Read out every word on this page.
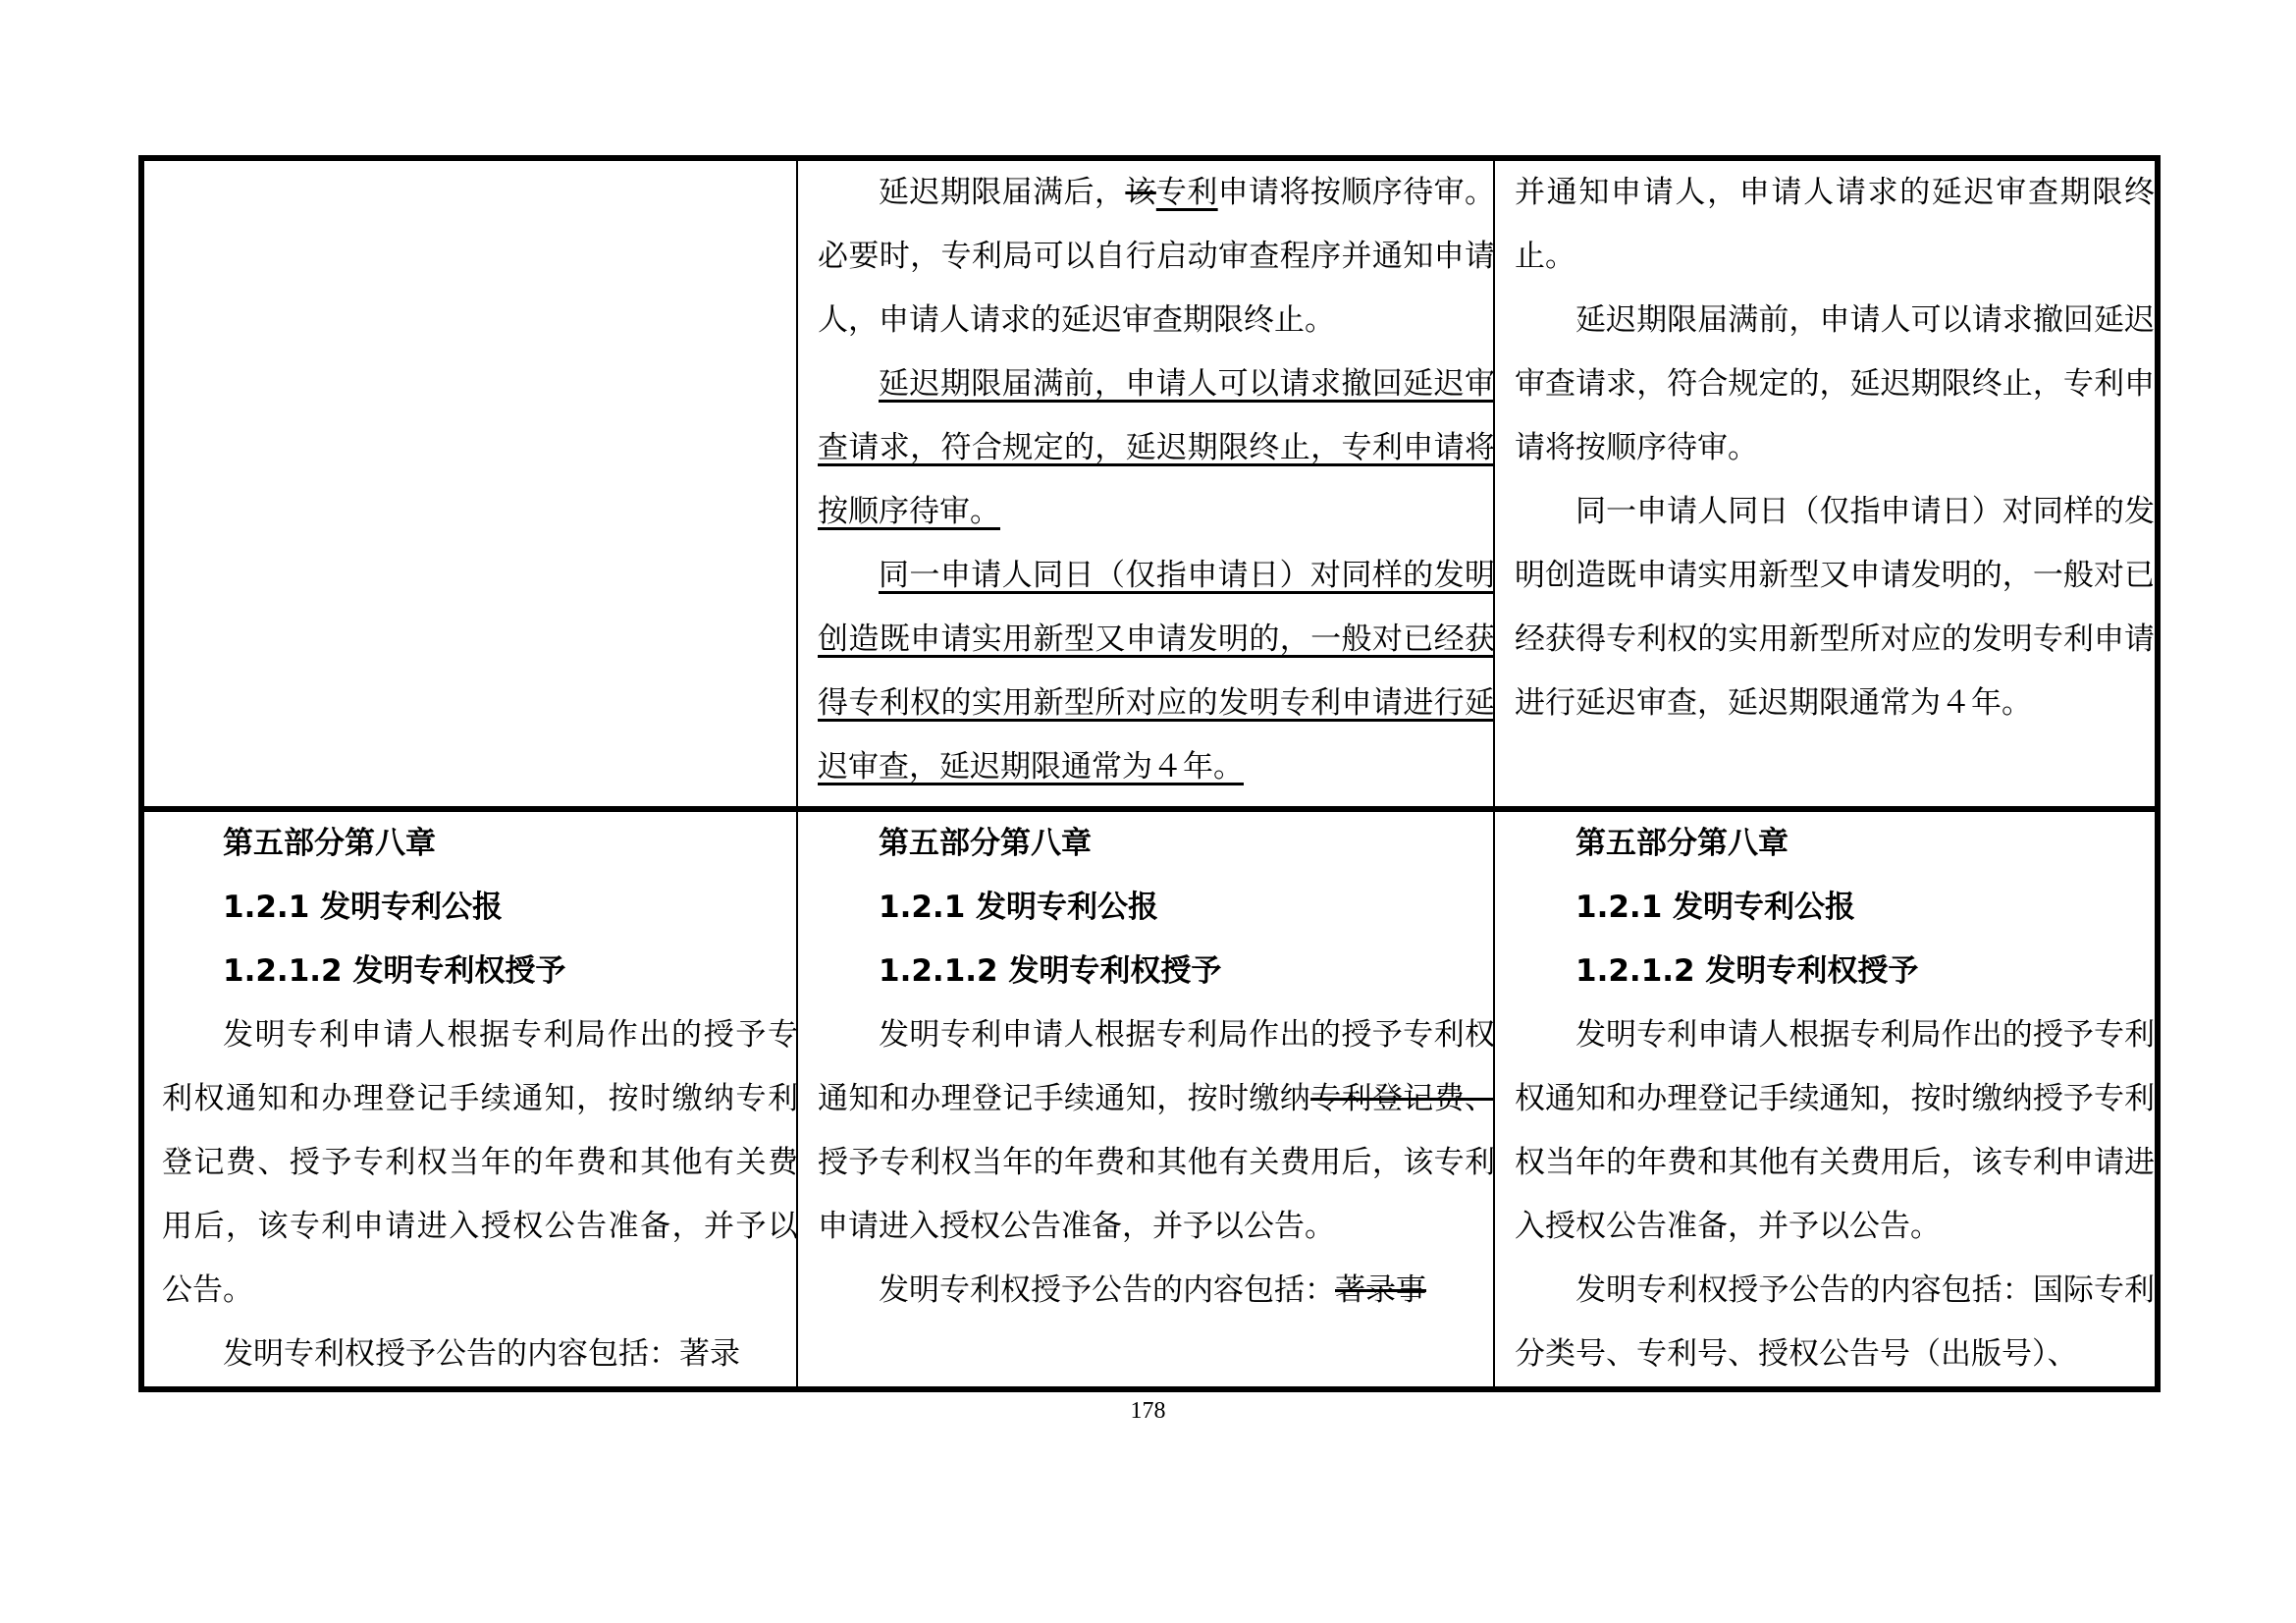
延迟期限届满后，该专利申请将按顺序待审。必要时，专利局可以自行启动审查程序并通知申请人，申请人请求的延迟审查期限终止。

延迟期限届满前，申请人可以请求撤回延迟审查请求，符合规定的，延迟期限终止，专利申请将按顺序待审。

同一申请人同日（仅指申请日）对同样的发明创造既申请实用新型又申请发明的，一般对已经获得专利权的实用新型所对应的发明专利申请进行延迟审查，延迟期限通常为４年。

并通知申请人，申请人请求的延迟审查期限终止。

延迟期限届满前，申请人可以请求撤回延迟审查请求，符合规定的，延迟期限终止，专利申请将按顺序待审。

同一申请人同日（仅指申请日）对同样的发明创造既申请实用新型又申请发明的，一般对已经获得专利权的实用新型所对应的发明专利申请进行延迟审查，延迟期限通常为４年。

第五部分第八章

1.2.1 发明专利公报

1.2.1.2 发明专利权授予

发明专利申请人根据专利局作出的授予专利权通知和办理登记手续通知，按时缴纳专利登记费、授予专利权当年的年费和其他有关费用后，该专利申请进入授权公告准备，并予以公告。

发明专利权授予公告的内容包括：著录

第五部分第八章

1.2.1 发明专利公报

1.2.1.2 发明专利权授予

发明专利申请人根据专利局作出的授予专利权通知和办理登记手续通知，按时缴纳专利登记费、授予专利权当年的年费和其他有关费用后，该专利申请进入授权公告准备，并予以公告。

发明专利权授予公告的内容包括：著录事

第五部分第八章

1.2.1 发明专利公报

1.2.1.2 发明专利权授予

发明专利申请人根据专利局作出的授予专利权通知和办理登记手续通知，按时缴纳授予专利权当年的年费和其他有关费用后，该专利申请进入授权公告准备，并予以公告。

发明专利权授予公告的内容包括：国际专利分类号、专利号、授权公告号（出版号）、

178
